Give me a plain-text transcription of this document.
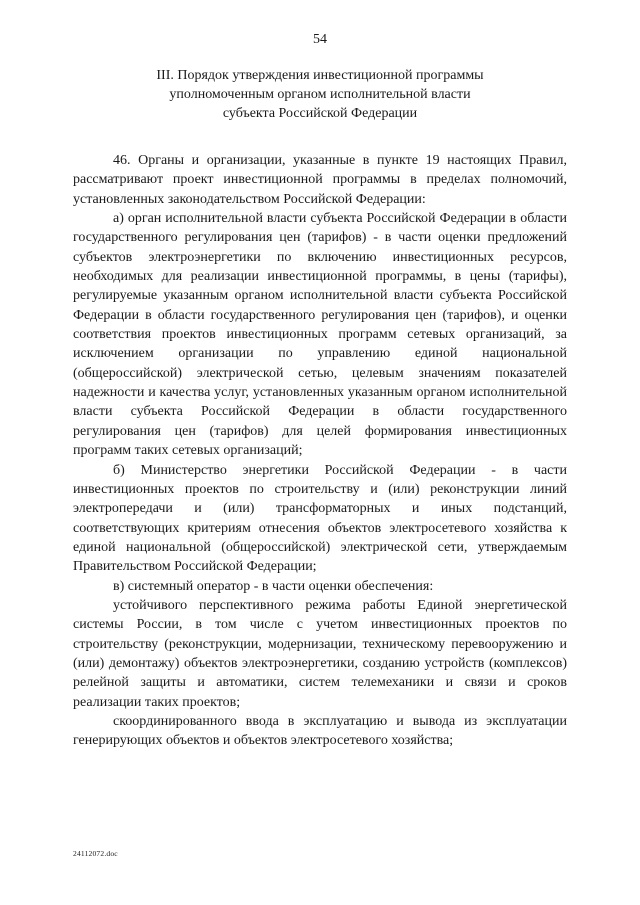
54
III. Порядок утверждения инвестиционной программы
уполномоченным органом исполнительной власти
субъекта Российской Федерации

46. Органы и организации, указанные в пункте 19 настоящих Правил, рассматривают проект инвестиционной программы в пределах полномочий, установленных законодательством Российской Федерации:

а) орган исполнительной власти субъекта Российской Федерации в области государственного регулирования цен (тарифов) - в части оценки предложений субъектов электроэнергетики по включению инвестиционных ресурсов, необходимых для реализации инвестиционной программы, в цены (тарифы), регулируемые указанным органом исполнительной власти субъекта Российской Федерации в области государственного регулирования цен (тарифов), и оценки соответствия проектов инвестиционных программ сетевых организаций, за исключением организации по управлению единой национальной (общероссийской) электрической сетью, целевым значениям показателей надежности и качества услуг, установленных указанным органом исполнительной власти субъекта Российской Федерации в области государственного регулирования цен (тарифов) для целей формирования инвестиционных программ таких сетевых организаций;

б) Министерство энергетики Российской Федерации - в части инвестиционных проектов по строительству и (или) реконструкции линий электропередачи и (или) трансформаторных и иных подстанций, соответствующих критериям отнесения объектов электросетевого хозяйства к единой национальной (общероссийской) электрической сети, утверждаемым Правительством Российской Федерации;

в) системный оператор - в части оценки обеспечения:

устойчивого перспективного режима работы Единой энергетической системы России, в том числе с учетом инвестиционных проектов по строительству (реконструкции, модернизации, техническому перевооружению и (или) демонтажу) объектов электроэнергетики, созданию устройств (комплексов) релейной защиты и автоматики, систем телемеханики и связи и сроков реализации таких проектов;

скоординированного ввода в эксплуатацию и вывода из эксплуатации генерирующих объектов и объектов электросетевого хозяйства;

24112072.doc
